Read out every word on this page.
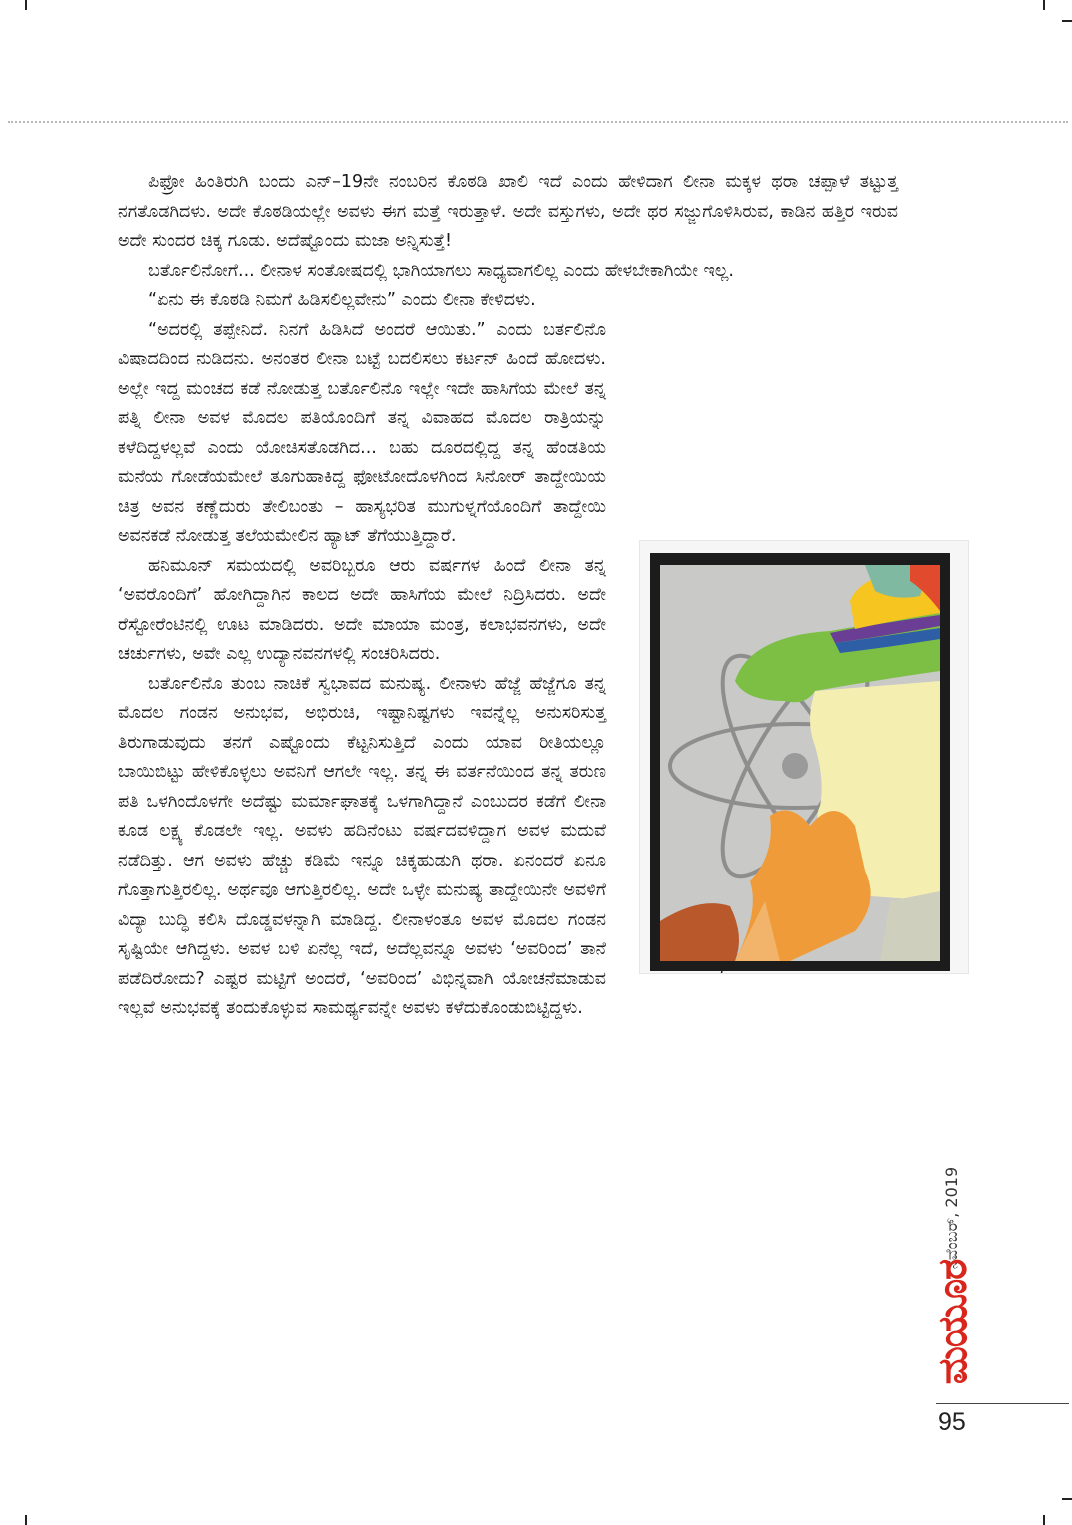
ಪಿಫ್ರೋ ಹಿಂತಿರುಗಿ ಬಂದು ಎನ್–19ನೇ ನಂಬರಿನ ಕೊಠಡಿ ಖಾಲಿ ಇದೆ ಎಂದು ಹೇಳಿದಾಗ ಲೀನಾ ಮಕ್ಕಳ ಥರಾ ಚಪ್ಪಾಳೆ ತಟ್ಟುತ್ತ ನಗತೊಡಗಿದಳು. ಅದೇ ಕೊಠಡಿಯಲ್ಲೇ ಅವಳು ಈಗ ಮತ್ತೆ ಇರುತ್ತಾಳೆ. ಅದೇ ವಸ್ತುಗಳು, ಅದೇ ಥರ ಸಜ್ಜುಗೊಳಿಸಿರುವ, ಕಾಡಿನ ಹತ್ತಿರ ಇರುವ ಅದೇ ಸುಂದರ ಚಿಕ್ಕ ಗೂಡು. ಅದೆಷ್ಟೊಂದು ಮಜಾ ಅನ್ನಿಸುತ್ತೆ!

ಬರ್ತೊಲಿನೋಗೆ... ಲೀನಾಳ ಸಂತೋಷದಲ್ಲಿ ಭಾಗಿಯಾಗಲು ಸಾಧ್ಯವಾಗಲಿಲ್ಲ ಎಂದು ಹೇಳಬೇಕಾಗಿಯೇ ಇಲ್ಲ.

“ಏನು ಈ ಕೊಠಡಿ ನಿಮಗೆ ಹಿಡಿಸಲಿಲ್ಲವೇನು” ಎಂದು ಲೀನಾ ಕೇಳಿದಳು.

“ಅದರಲ್ಲಿ ತಪ್ಪೇನಿದೆ. ನಿನಗೆ ಹಿಡಿಸಿದೆ ಅಂದರೆ ಆಯಿತು.” ಎಂದು ಬರ್ತಲಿನೊ ವಿಷಾದದಿಂದ ನುಡಿದನು. ಅನಂತರ ಲೀನಾ ಬಟ್ಟೆ ಬದಲಿಸಲು ಕರ್ಟನ್ ಹಿಂದೆ ಹೋದಳು. ಅಲ್ಲೇ ಇದ್ದ ಮಂಚದ ಕಡೆ ನೋಡುತ್ತ ಬರ್ತೊಲಿನೊ ಇಲ್ಲೇ ಇದೇ ಹಾಸಿಗೆಯ ಮೇಲೆ ತನ್ನ ಪತ್ನಿ ಲೀನಾ ಅವಳ ಮೊದಲ ಪತಿಯೊಂದಿಗೆ ತನ್ನ ವಿವಾಹದ ಮೊದಲ ರಾತ್ರಿಯನ್ನು ಕಳೆದಿದ್ದಳಲ್ಲವೆ ಎಂದು ಯೋಚಿಸತೊಡಗಿದ... ಬಹು ದೂರದಲ್ಲಿದ್ದ ತನ್ನ ಹೆಂಡತಿಯ ಮನೆಯ ಗೋಡೆಯಮೇಲೆ ತೂಗುಹಾಕಿದ್ದ ಫೋಟೋದೊಳಗಿಂದ ಸಿನೋರ್ ತಾದ್ದೇಯಿಯ ಚಿತ್ರ ಅವನ ಕಣ್ಣೆದುರು ತೇಲಿಬಂತು – ಹಾಸ್ಯಭರಿತ ಮುಗುಳ್ನಗೆಯೊಂದಿಗೆ ತಾದ್ದೇಯಿ ಅವನಕಡೆ ನೋಡುತ್ತ ತಲೆಯಮೇಲಿನ ಹ್ಯಾಟ್ ತೆಗೆಯುತ್ತಿದ್ದಾರೆ.

ಹನಿಮೂನ್ ಸಮಯದಲ್ಲಿ ಅವರಿಬ್ಬರೂ ಆರು ವರ್ಷಗಳ ಹಿಂದೆ ಲೀನಾ ತನ್ನ ‘ಅವರೊಂದಿಗೆ’ ಹೋಗಿದ್ದಾಗಿನ ಕಾಲದ ಅದೇ ಹಾಸಿಗೆಯ ಮೇಲೆ ನಿದ್ರಿಸಿದರು. ಅದೇ ರೆಸ್ಟೋರೆಂಟಿನಲ್ಲಿ ಊಟ ಮಾಡಿದರು. ಅದೇ ಮಾಯಾ ಮಂತ್ರ, ಕಲಾಭವನಗಳು, ಅದೇ ಚರ್ಚುಗಳು, ಅವೇ ಎಲ್ಲ ಉದ್ಯಾನವನಗಳಲ್ಲಿ ಸಂಚರಿಸಿದರು.

ಬರ್ತೊಲಿನೊ ತುಂಬ ನಾಚಿಕೆ ಸ್ವಭಾವದ ಮನುಷ್ಯ. ಲೀನಾಳು ಹೆಜ್ಜೆ ಹೆಜ್ಜೆಗೂ ತನ್ನ ಮೊದಲ ಗಂಡನ ಅನುಭವ, ಅಭಿರುಚಿ, ಇಷ್ಟಾನಿಷ್ಟಗಳು ಇವನ್ನೆಲ್ಲ ಅನುಸರಿಸುತ್ತ ತಿರುಗಾಡುವುದು ತನಗೆ ಎಷ್ಟೊಂದು ಕೆಟ್ಟನಿಸುತ್ತಿದೆ ಎಂದು ಯಾವ ರೀತಿಯಲ್ಲೂ ಬಾಯಿಬಿಟ್ಟು ಹೇಳಿಕೊಳ್ಳಲು ಅವನಿಗೆ ಆಗಲೇ ಇಲ್ಲ. ತನ್ನ ಈ ವರ್ತನೆಯಿಂದ ತನ್ನ ತರುಣ ಪತಿ ಒಳಗಿಂದೊಳಗೇ ಅದೆಷ್ಟು ಮರ್ಮಾಘಾತಕ್ಕೆ ಒಳಗಾಗಿದ್ದಾನೆ ಎಂಬುದರ ಕಡೆಗೆ ಲೀನಾ ಕೂಡ ಲಕ್ಷ್ಯ ಕೊಡಲೇ ಇಲ್ಲ. ಅವಳು ಹದಿನೆಂಟು ವರ್ಷದವಳಿದ್ದಾಗ ಅವಳ ಮದುವೆ ನಡೆದಿತ್ತು. ಆಗ ಅವಳು ಹೆಚ್ಚು ಕಡಿಮೆ ಇನ್ನೂ ಚಿಕ್ಕಹುಡುಗಿ ಥರಾ. ಏನಂದರೆ ಏನೂ ಗೊತ್ತಾಗುತ್ತಿರಲಿಲ್ಲ. ಅರ್ಥವೂ ಆಗುತ್ತಿರಲಿಲ್ಲ. ಅದೇ ಒಳ್ಳೇ ಮನುಷ್ಯ ತಾದ್ದೇಯಿನೇ ಅವಳಿಗೆ ವಿದ್ಯಾ ಬುದ್ಧಿ ಕಲಿಸಿ ದೊಡ್ಡವಳನ್ನಾಗಿ ಮಾಡಿದ್ದ. ಲೀನಾಳಂತೂ ಅವಳ ಮೊದಲ ಗಂಡನ ಸೃಷ್ಟಿಯೇ ಆಗಿದ್ದಳು. ಅವಳ ಬಳಿ ಏನೆಲ್ಲ ಇದೆ, ಅದೆಲ್ಲವನ್ನೂ ಅವಳು ‘ಅವರಿಂದ’ ತಾನೆ ಪಡೆದಿರೋದು? ಎಷ್ಟರ ಮಟ್ಟಿಗೆ ಅಂದರೆ, ‘ಅವರಿಂದ’ ವಿಭಿನ್ನವಾಗಿ ಯೋಚನೆಮಾಡುವ ಇಲ್ಲವೆ ಅನುಭವಕ್ಕೆ ತಂದುಕೊಳ್ಳುವ ಸಾಮರ್ಥ್ಯವನ್ನೇ ಅವಳು ಕಳೆದುಕೊಂಡುಬಿಟ್ಟಿದ್ದಳು.

ನವೆಂಬರ್, 2019
ಮಯೂರ
95
